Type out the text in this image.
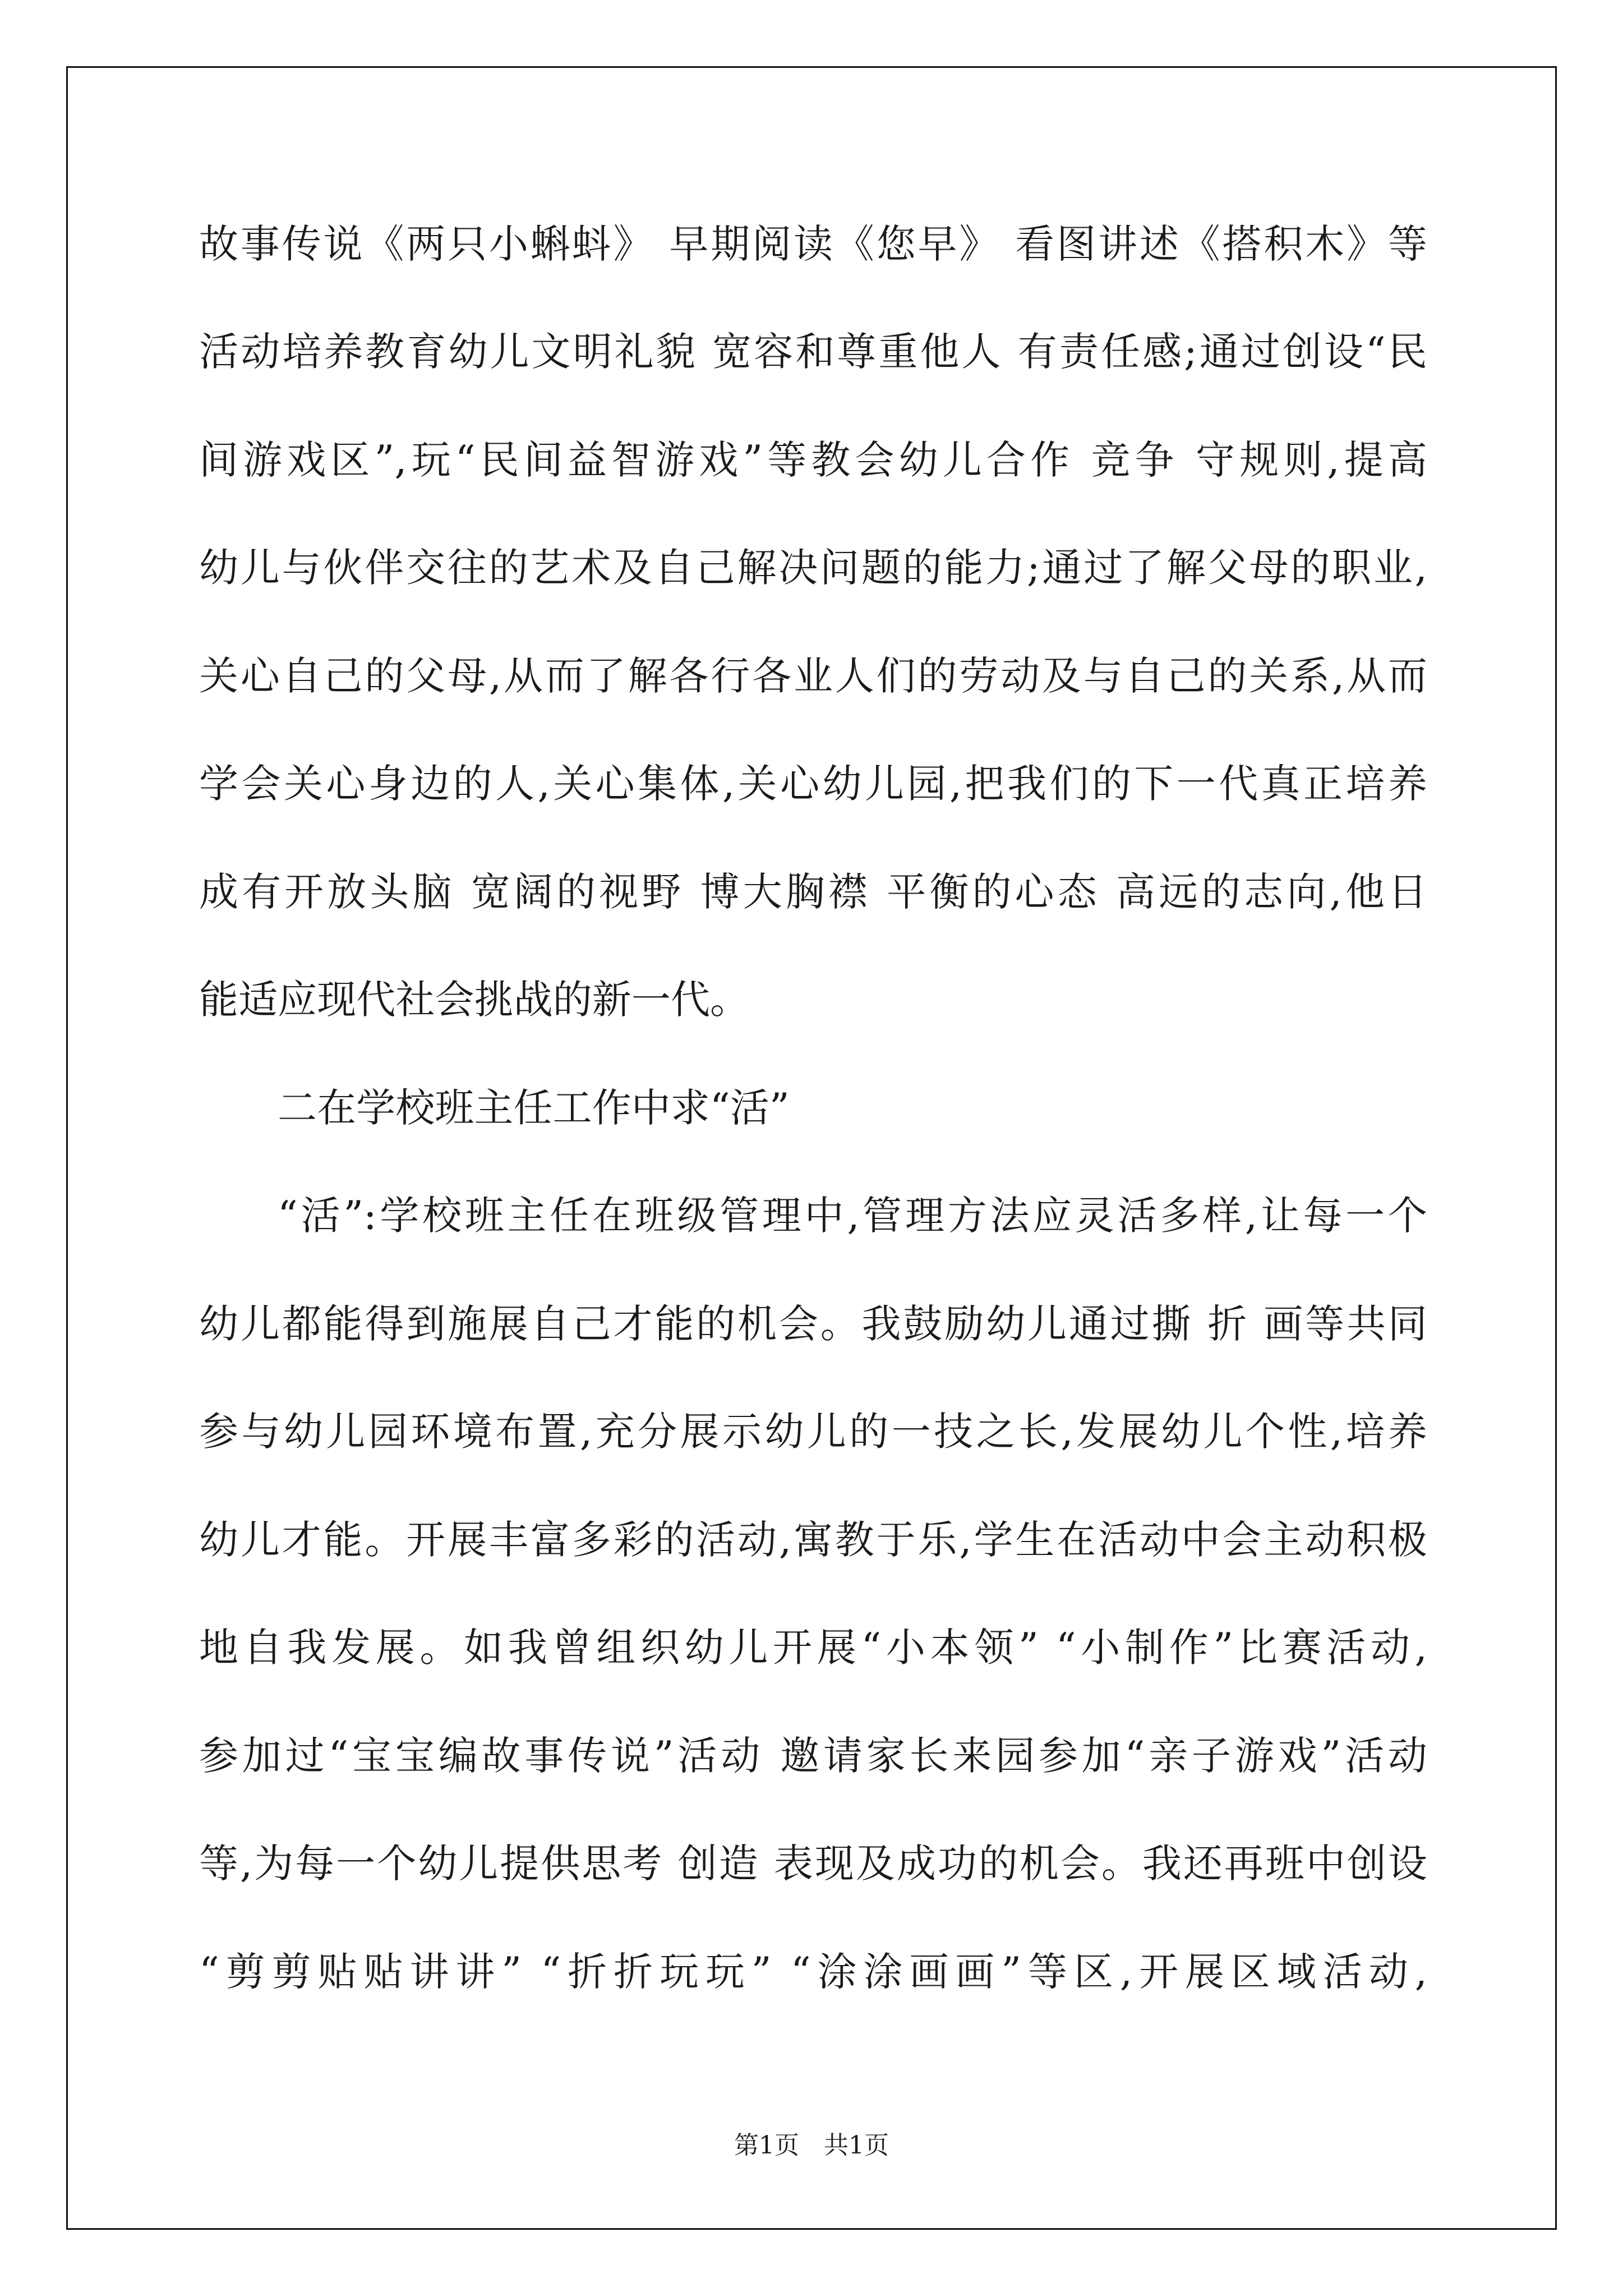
故事传说《两只小蝌蚪》 早期阅读《您早》 看图讲述《搭积木》等

活动培养教育幼儿文明礼貌 宽容和尊重他人 有责任感;通过创设“民

间游戏区”,玩“民间益智游戏”等教会幼儿合作 竞争 守规则,提高

幼儿与伙伴交往的艺术及自己解决问题的能力;通过了解父母的职业,

关心自己的父母,从而了解各行各业人们的劳动及与自己的关系,从而

学会关心身边的人,关心集体,关心幼儿园,把我们的下一代真正培养

成有开放头脑 宽阔的视野 博大胸襟 平衡的心态 高远的志向,他日

能适应现代社会挑战的新一代。

二在学校班主任工作中求“活”

“活”:学校班主任在班级管理中,管理方法应灵活多样,让每一个

幼儿都能得到施展自己才能的机会。我鼓励幼儿通过撕 折 画等共同

参与幼儿园环境布置,充分展示幼儿的一技之长,发展幼儿个性,培养

幼儿才能。开展丰富多彩的活动,寓教于乐,学生在活动中会主动积极

地自我发展。如我曾组织幼儿开展“小本领” “小制作”比赛活动,

参加过“宝宝编故事传说”活动 邀请家长来园参加“亲子游戏”活动

等,为每一个幼儿提供思考 创造 表现及成功的机会。我还再班中创设

“剪剪贴贴讲讲” “折折玩玩” “涂涂画画”等区,开展区域活动,

第1页　共1页
